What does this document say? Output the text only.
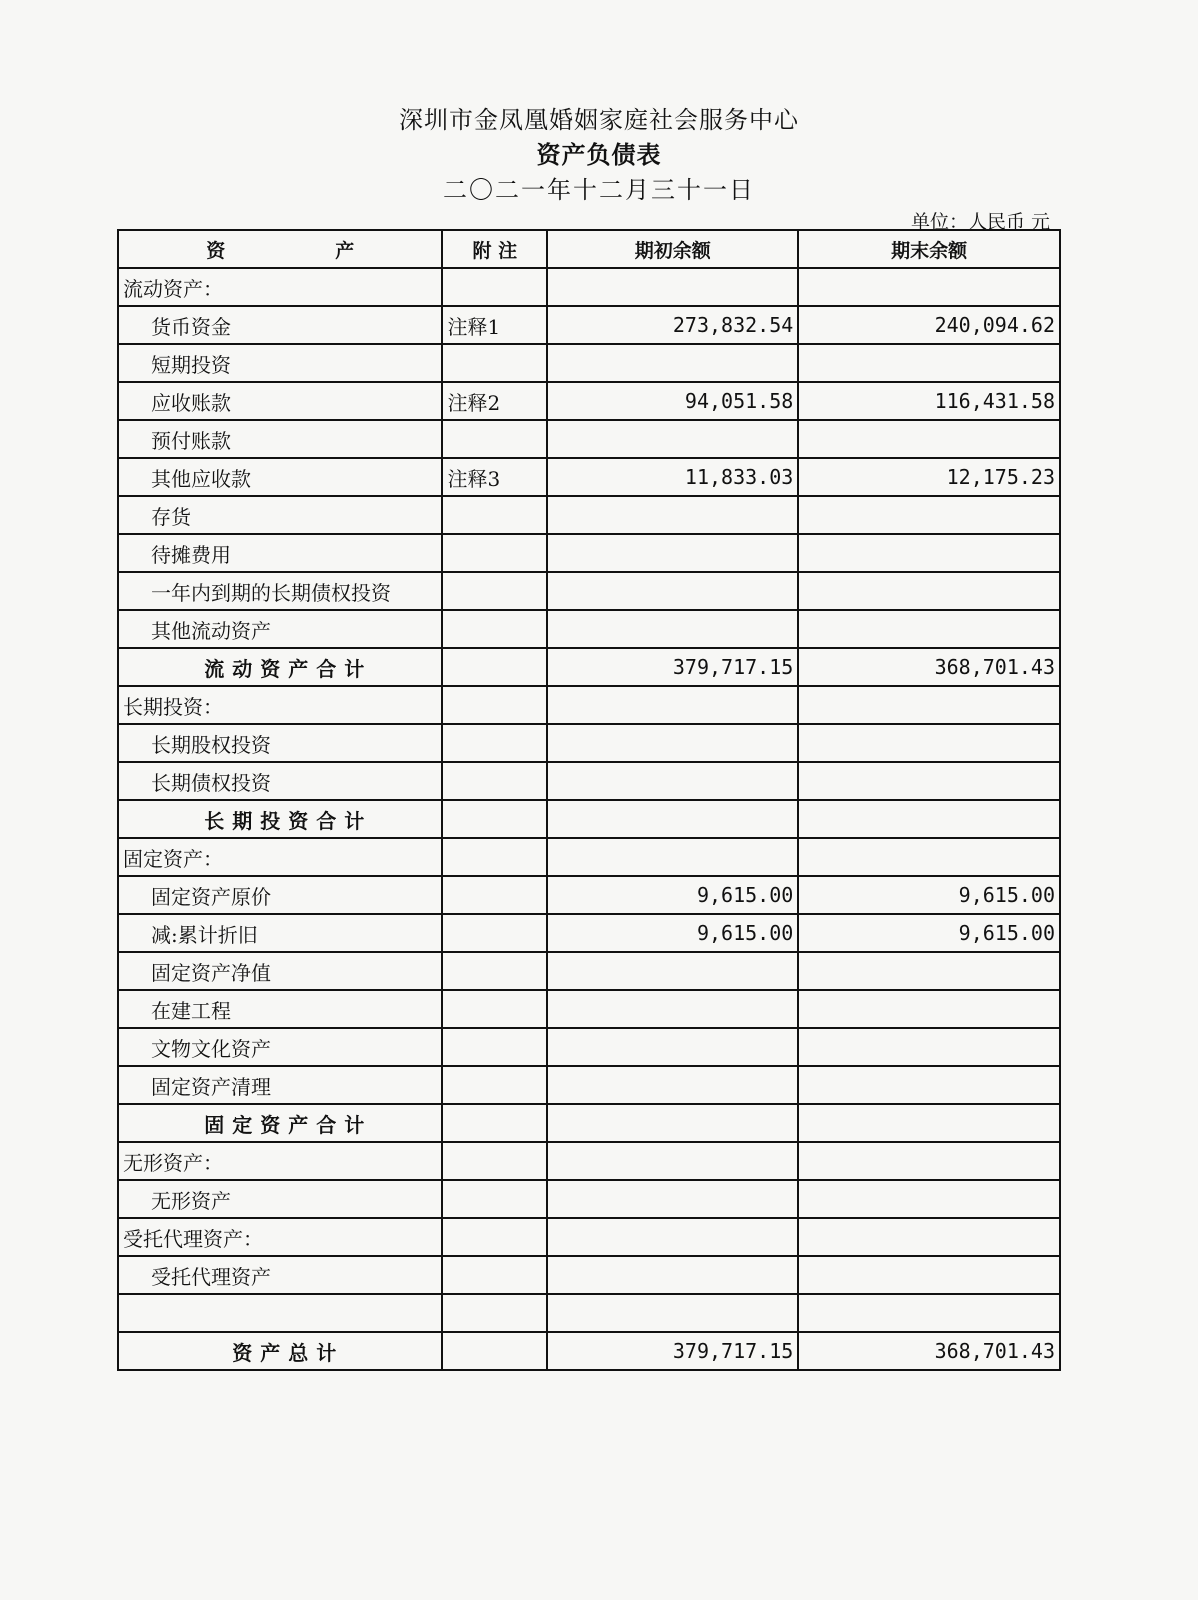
深圳市金凤凰婚姻家庭社会服务中心
资产负债表
二〇二一年十二月三十一日
单位：人民币 元
资 产	附 注	期初余额	期末余额
流动资产：			
货币资金	注释1	273,832.54	240,094.62
短期投资			
应收账款	注释2	94,051.58	116,431.58
预付账款			
其他应收款	注释3	11,833.03	12,175.23
存货			
待摊费用			
一年内到期的长期债权投资			
其他流动资产			
流动资产合计		379,717.15	368,701.43
长期投资：			
长期股权投资			
长期债权投资			
长期投资合计			
固定资产：			
固定资产原价		9,615.00	9,615.00
减:累计折旧		9,615.00	9,615.00
固定资产净值			
在建工程			
文物文化资产			
固定资产清理			
固定资产合计			
无形资产：			
无形资产			
受托代理资产：			
受托代理资产			

资产总计		379,717.15	368,701.43
